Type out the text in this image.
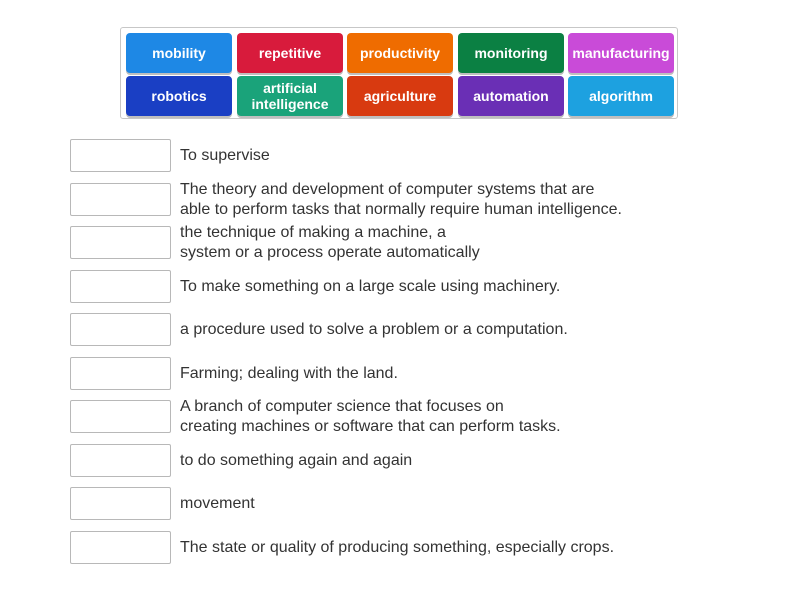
mobility	repetitive	productivity monitoring manufacturing
robotics	artificial
intelligence	agriculture	automation	algorithm
To supervise
The theory and development of computer systems that are
able to perform tasks that normally require human intelligence.
the technique of making a machine, a
system or a process operate automatically
To make something on a large scale using machinery.
a procedure used to solve a problem or a computation.
Farming; dealing with the land.
A branch of computer science that focuses on
creating machines or software that can perform tasks.
to do something again and again
movement
The state or quality of producing something, especially crops.
